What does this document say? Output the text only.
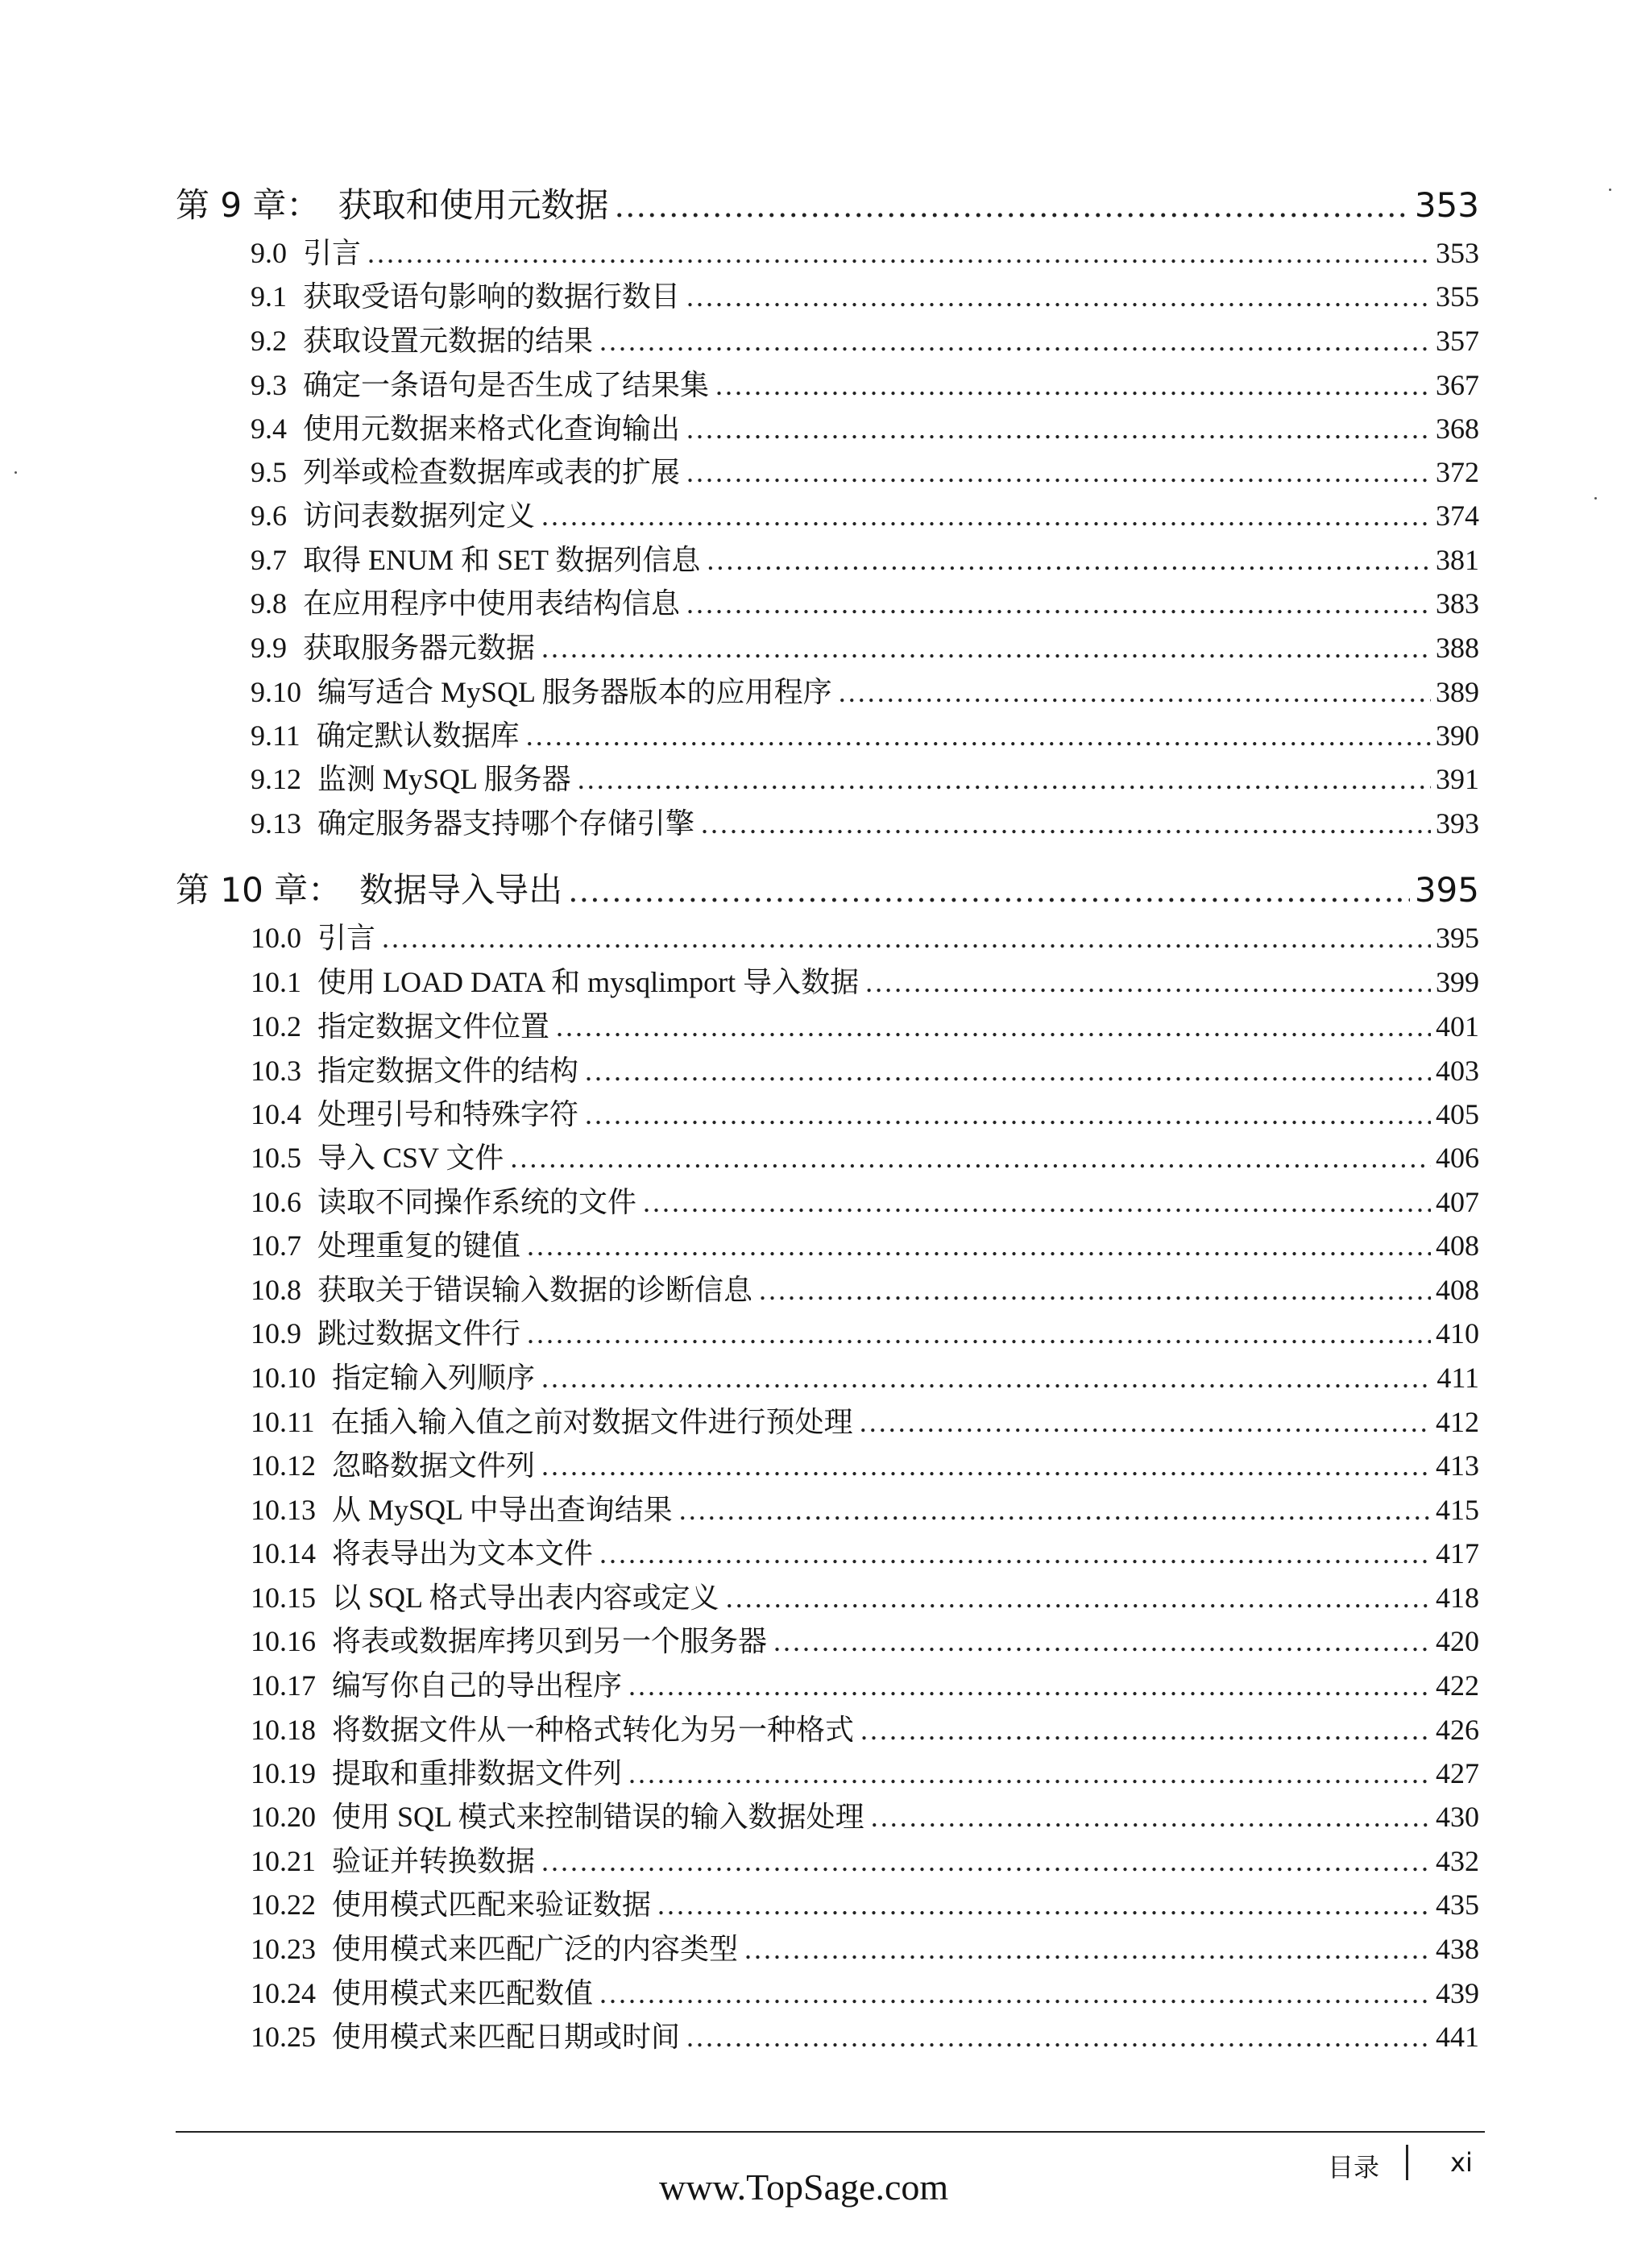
第 9 章： 获取和使用元数据 .....	353
9.0 引言 .....	353
9.1 获取受语句影响的数据行数目 .....	355
9.2 获取设置元数据的结果 .....	357
9.3 确定一条语句是否生成了结果集 .....	367
9.4 使用元数据来格式化查询输出 .....	368
9.5 列举或检查数据库或表的扩展 .....	372
9.6 访问表数据列定义 .....	374
9.7 取得 ENUM 和 SET 数据列信息 .....	381
9.8 在应用程序中使用表结构信息 .....	383
9.9 获取服务器元数据 .....	388
9.10 编写适合 MySQL 服务器版本的应用程序 .....	389
9.11 确定默认数据库 .....	390
9.12 监测 MySQL 服务器 .....	391
9.13 确定服务器支持哪个存储引擎 .....	393
第 10 章： 数据导入导出 .....	395
10.0 引言 .....	395
10.1 使用 LOAD DATA 和 mysqlimport 导入数据 .....	399
10.2 指定数据文件位置 .....	401
10.3 指定数据文件的结构 .....	403
10.4 处理引号和特殊字符 .....	405
10.5 导入 CSV 文件 .....	406
10.6 读取不同操作系统的文件 .....	407
10.7 处理重复的键值 .....	408
10.8 获取关于错误输入数据的诊断信息 .....	408
10.9 跳过数据文件行 .....	410
10.10 指定输入列顺序 .....	411
10.11 在插入输入值之前对数据文件进行预处理 .....	412
10.12 忽略数据文件列 .....	413
10.13 从 MySQL 中导出查询结果 .....	415
10.14 将表导出为文本文件 .....	417
10.15 以 SQL 格式导出表内容或定义 .....	418
10.16 将表或数据库拷贝到另一个服务器 .....	420
10.17 编写你自己的导出程序 .....	422
10.18 将数据文件从一种格式转化为另一种格式 .....	426
10.19 提取和重排数据文件列 .....	427
10.20 使用 SQL 模式来控制错误的输入数据处理 .....	430
10.21 验证并转换数据 .....	432
10.22 使用模式匹配来验证数据 .....	435
10.23 使用模式来匹配广泛的内容类型 .....	438
10.24 使用模式来匹配数值 .....	439
10.25 使用模式来匹配日期或时间 .....	441
目录	xi
www.TopSage.com
